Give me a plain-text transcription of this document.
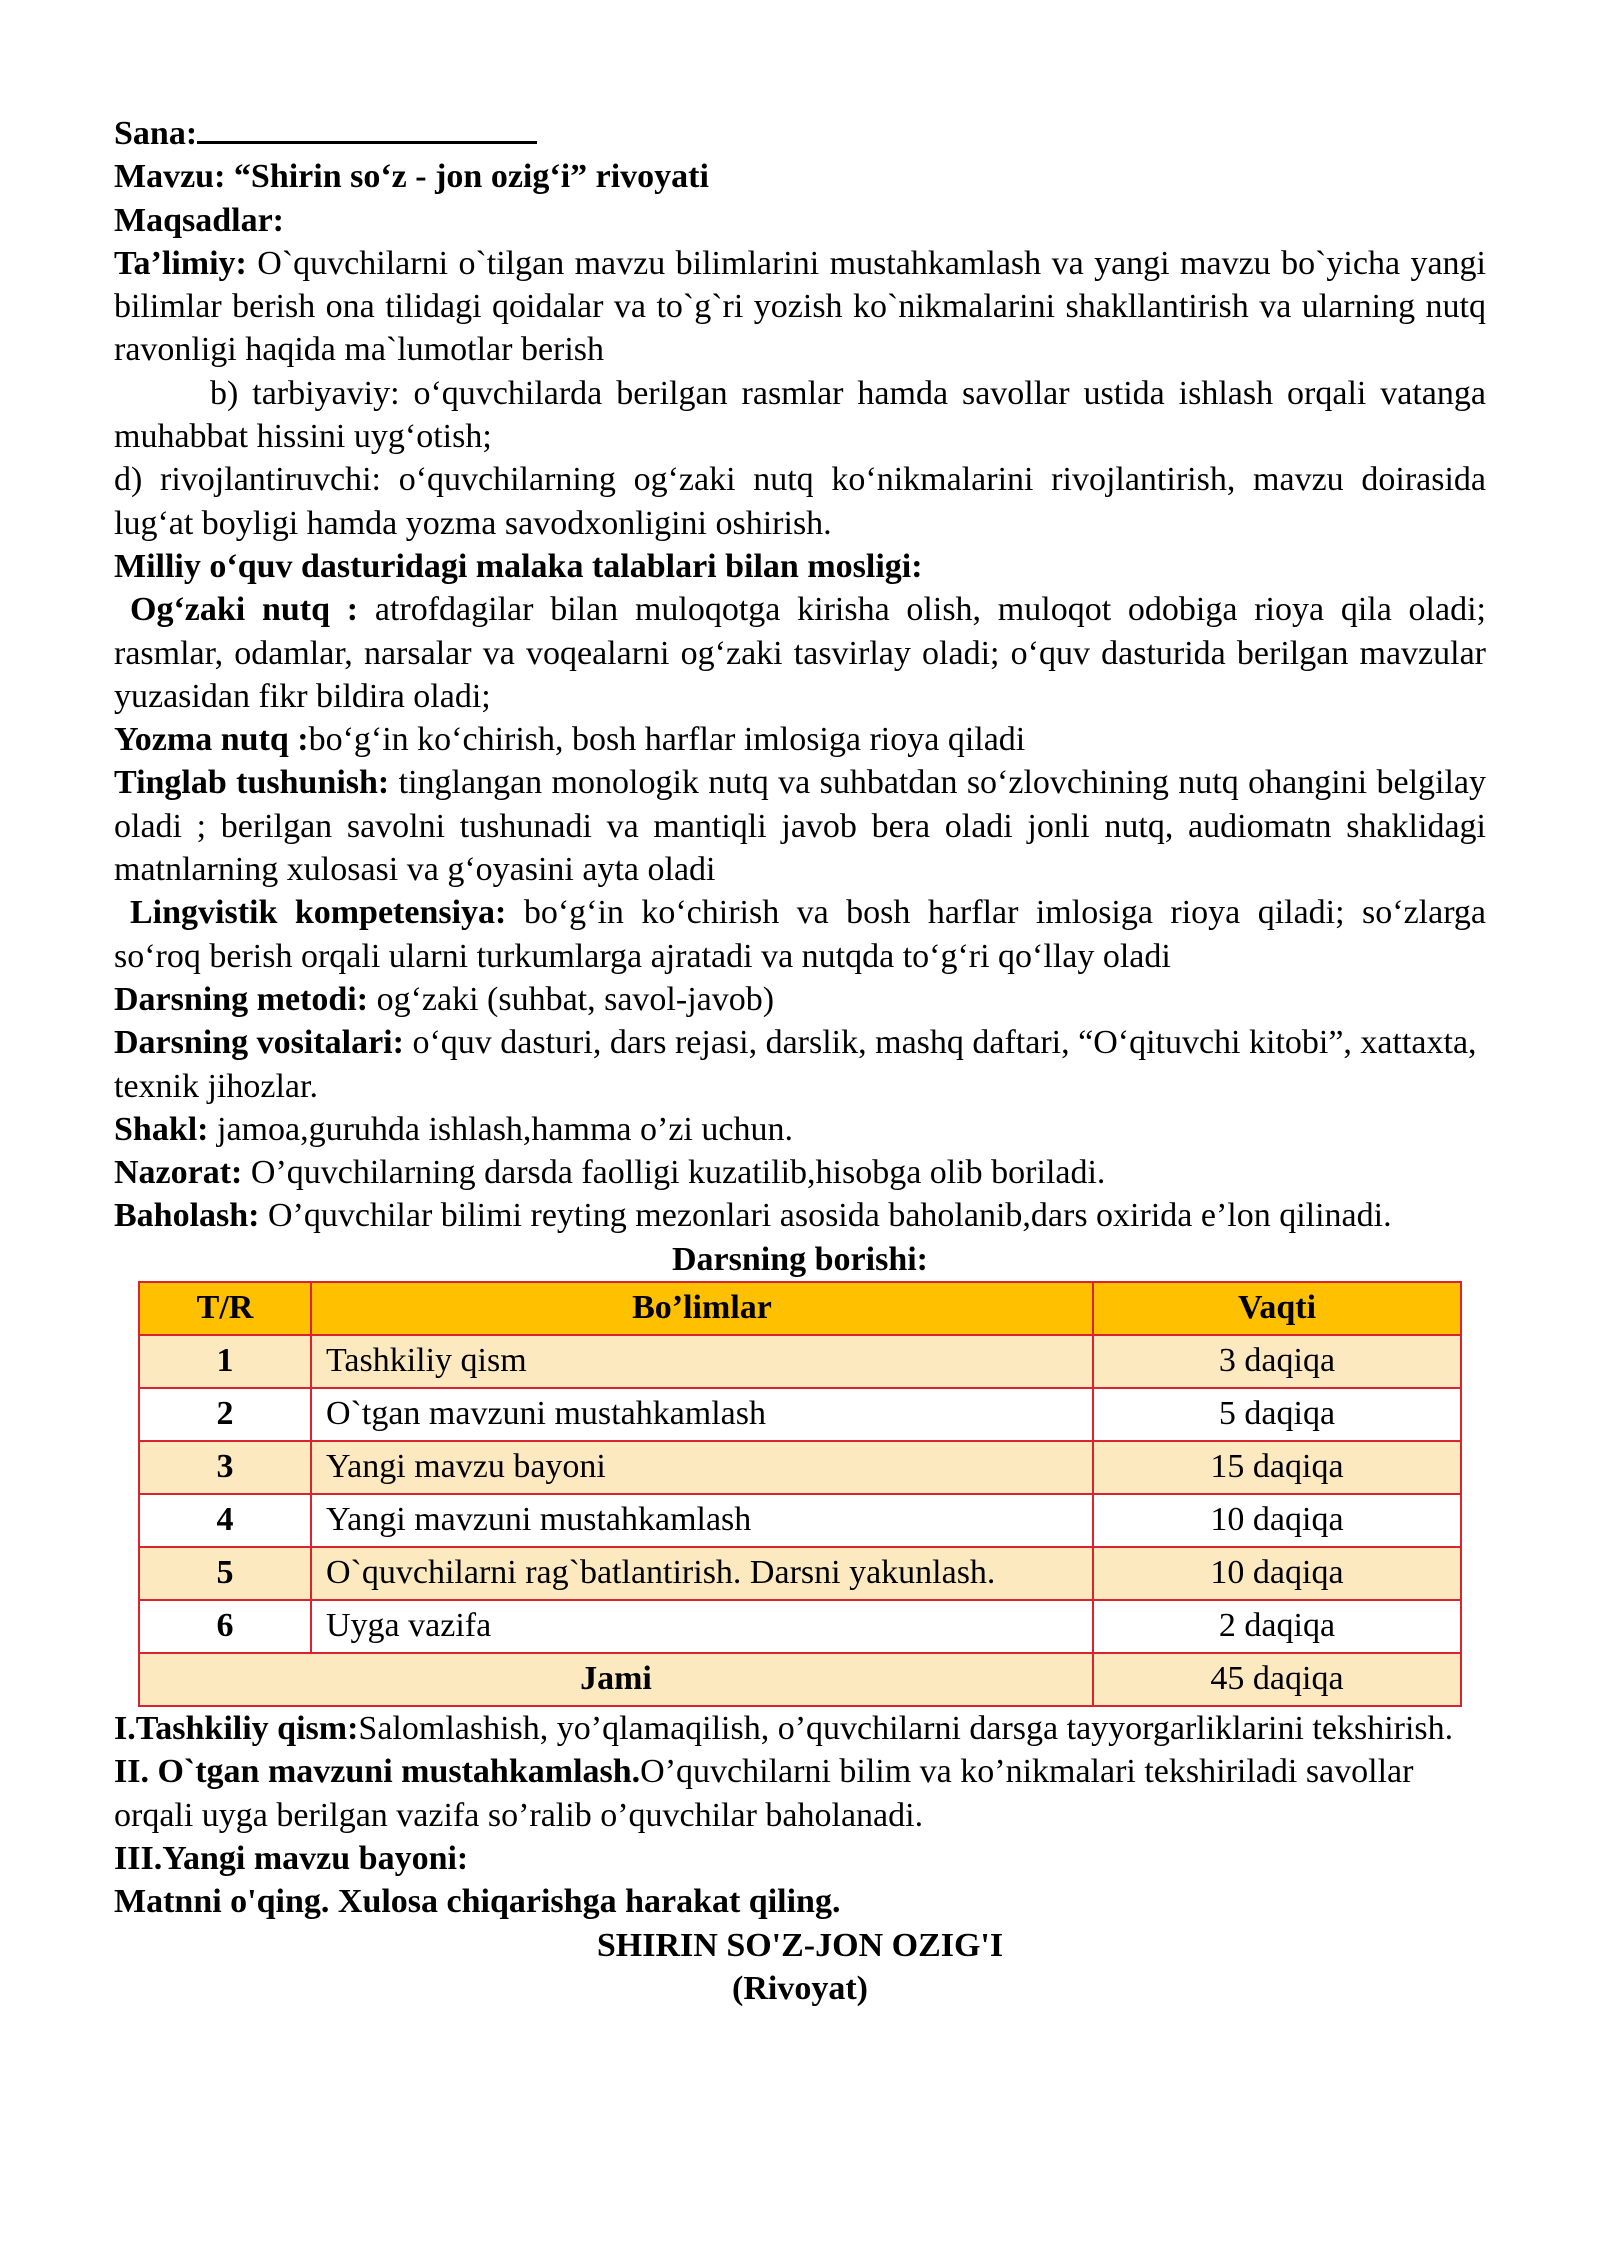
Sana:

Mavzu: “Shirin so‘z - jon ozig‘i” rivoyati

Maqsadlar:

Ta’limiy: O`quvchilarni o`tilgan mavzu bilimlarini mustahkamlash va yangi mavzu bo`yicha yangi bilimlar berish ona tilidagi qoidalar va to`g`ri yozish ko`nikmalarini shakllantirish va ularning nutq ravonligi haqida ma`lumotlar berish

b) tarbiyaviy: o‘quvchilarda berilgan rasmlar hamda savollar ustida ishlash orqali vatanga muhabbat hissini uyg‘otish;

d) rivojlantiruvchi: o‘quvchilarning og‘zaki nutq ko‘nikmalarini rivojlantirish, mavzu doirasida lug‘at boyligi hamda yozma savodxonligini oshirish.

Milliy o‘quv dasturidagi malaka talablari bilan mosligi:

Og‘zaki nutq : atrofdagilar bilan muloqotga kirisha olish, muloqot odobiga rioya qila oladi; rasmlar, odamlar, narsalar va voqealarni og‘zaki tasvirlay oladi; o‘quv dasturida berilgan mavzular yuzasidan fikr bildira oladi;

Yozma nutq :bo‘g‘in ko‘chirish, bosh harflar imlosiga rioya qiladi

Tinglab tushunish: tinglangan monologik nutq va suhbatdan so‘zlovchining nutq ohangini belgilay oladi ; berilgan savolni tushunadi va mantiqli javob bera oladi jonli nutq, audiomatn shaklidagi matnlarning xulosasi va g‘oyasini ayta oladi

Lingvistik kompetensiya: bo‘g‘in ko‘chirish va bosh harflar imlosiga rioya qiladi; so‘zlarga so‘roq berish orqali ularni turkumlarga ajratadi va nutqda to‘g‘ri qo‘llay oladi

Darsning metodi: og‘zaki (suhbat, savol-javob)

Darsning vositalari: o‘quv dasturi, dars rejasi, darslik, mashq daftari, “O‘qituvchi kitobi”, xattaxta, texnik jihozlar.

Shakl: jamoa,guruhda ishlash,hamma o’zi uchun.

Nazorat: O’quvchilarning darsda faolligi kuzatilib,hisobga olib boriladi.

Baholash: O’quvchilar bilimi reyting mezonlari asosida baholanib,dars oxirida e’lon qilinadi.

Darsning borishi:

T/R	Bo’limlar	Vaqti
1	Tashkiliy qism	3 daqiqa
2	O`tgan mavzuni mustahkamlash	5 daqiqa
3	Yangi mavzu bayoni	15 daqiqa
4	Yangi mavzuni mustahkamlash	10 daqiqa
5	O`quvchilarni rag`batlantirish. Darsni yakunlash.	10 daqiqa
6	Uyga vazifa	2 daqiqa
Jami		45 daqiqa

I.Tashkiliy qism:Salomlashish, yo’qlamaqilish, o’quvchilarni darsga tayyorgarliklarini tekshirish.

II. O`tgan mavzuni mustahkamlash.O’quvchilarni bilim va ko’nikmalari tekshiriladi savollar orqali uyga berilgan vazifa so’ralib o’quvchilar baholanadi.

III.Yangi mavzu bayoni:

Matnni o'qing. Xulosa chiqarishga harakat qiling.

SHIRIN SO'Z-JON OZIG'I

(Rivoyat)
